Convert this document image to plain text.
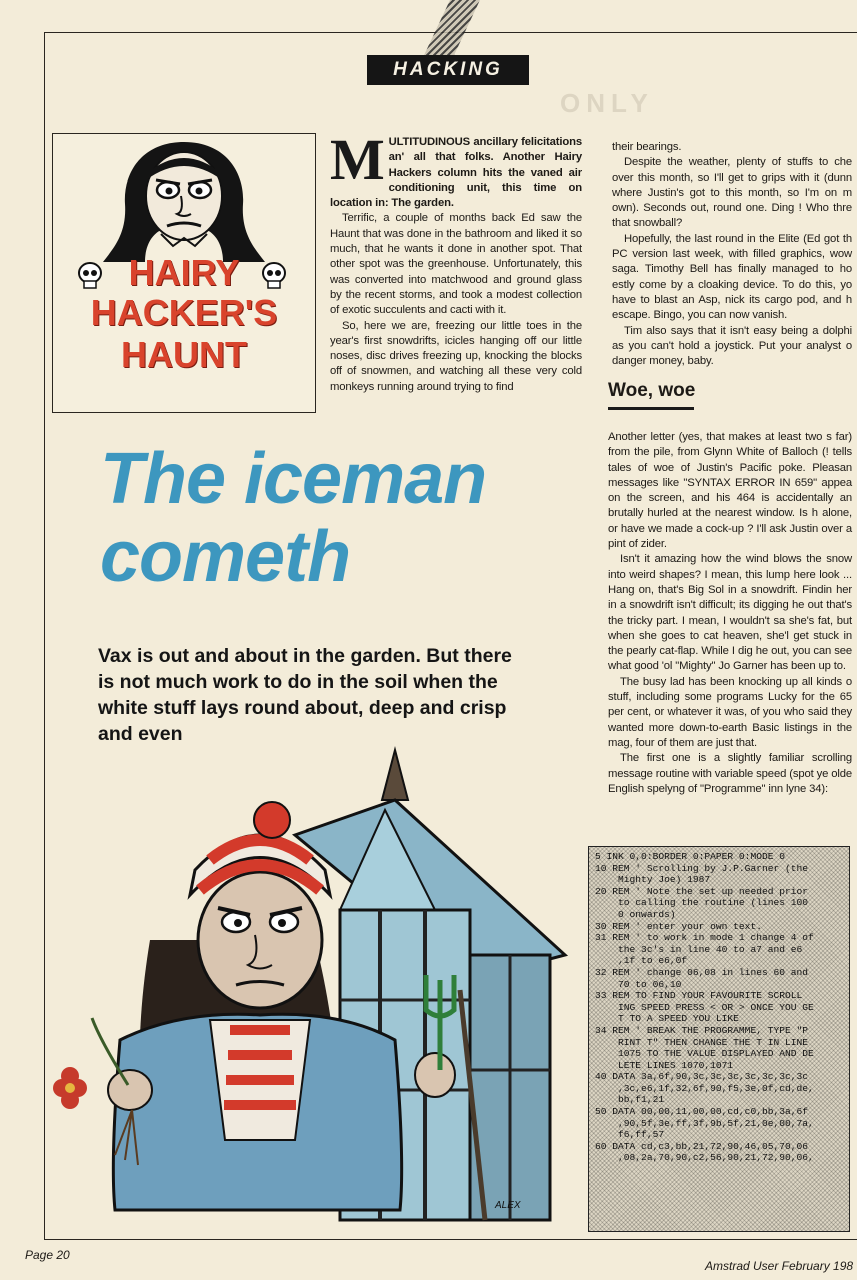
ONLY
HACKING
HAIRY
HACKER'S
HAUNT

MULTITUDINOUS ancillary felicitations an' all that folks. Another Hairy Hackers column hits the vaned air conditioning unit, this time on location in: The garden.

Terrific, a couple of months back Ed saw the Haunt that was done in the bathroom and liked it so much, that he wants it done in another spot. That other spot was the greenhouse. Unfortunately, this was converted into matchwood and ground glass by the recent storms, and took a modest collection of exotic succulents and cacti with it.

So, here we are, freezing our little toes in the year's first snowdrifts, icicles hanging off our little noses, disc drives freezing up, knocking the blocks off of snowmen, and watching all these very cold monkeys running around trying to find

their bearings.

Despite the weather, plenty of stuffs to che over this month, so I'll get to grips with it (dunn where Justin's got to this month, so I'm on m own). Seconds out, round one. Ding ! Who thre that snowball?

Hopefully, the last round in the Elite (Ed got th PC version last week, with filled graphics, wow saga. Timothy Bell has finally managed to ho estly come by a cloaking device. To do this, yo have to blast an Asp, nick its cargo pod, and h escape. Bingo, you can now vanish.

Tim also says that it isn't easy being a dolphi as you can't hold a joystick. Put your analyst o danger money, baby.

Woe, woe

Another letter (yes, that makes at least two s far) from the pile, from Glynn White of Balloch (! tells tales of woe of Justin's Pacific poke. Pleasan messages like "SYNTAX ERROR IN 659" appea on the screen, and his 464 is accidentally an brutally hurled at the nearest window. Is h alone, or have we made a cock-up ? I'll ask Justin over a pint of zider.

Isn't it amazing how the wind blows the snow into weird shapes? I mean, this lump here look ... Hang on, that's Big Sol in a snowdrift. Findin her in a snowdrift isn't difficult; its digging he out that's the tricky part. I mean, I wouldn't sa she's fat, but when she goes to cat heaven, she'l get stuck in the pearly cat-flap. While I dig he out, you can see what good 'ol "Mighty" Jo Garner has been up to.

The busy lad has been knocking up all kinds o stuff, including some programs Lucky for the 65 per cent, or whatever it was, of you who said they wanted more down-to-earth Basic listings in the mag, four of them are just that.

The first one is a slightly familiar scrolling message routine with variable speed (spot ye olde English spelyng of "Programme" inn lyne 34):

The iceman
cometh
Vax is out and about in the garden. But there is not much work to do in the soil when the white stuff lays round about, deep and crisp and even
ALEX
5 INK 0,0:BORDER 0:PAPER 0:MODE 0
10 REM ' Scrolling by J.P.Garner (the
Mighty Joe) 1987
20 REM ' Note the set up needed prior
to calling the routine (lines 100
0 onwards)
30 REM ' enter your own text.
31 REM ' to work in mode 1 change 4 of
the 3c's in line 40 to a7 and e6
,1f to e6,0f
32 REM ' change 06,08 in lines 60 and
70 to 06,10
33 REM TO FIND YOUR FAVOURITE SCROLL
ING SPEED PRESS < OR > ONCE YOU GE
T TO A SPEED YOU LIKE
34 REM ' BREAK THE PROGRAMME, TYPE "P
RINT T" THEN CHANGE THE T IN LINE
1075 TO THE VALUE DISPLAYED AND DE
LETE LINES 1070,1071
40 DATA 3a,6f,90,3c,3c,3c,3c,3c,3c,3c
,3c,e6,1f,32,6f,90,f5,3e,0f,cd,de,
bb,f1,21
50 DATA 00,00,11,00,00,cd,c0,bb,3a,6f
,90,5f,3e,ff,3f,9b,5f,21,0e,00,7a,
f6,ff,57
60 DATA cd,c3,bb,21,72,90,46,05,70,06
,08,2a,70,90,c2,56,90,21,72,90,06,
Page 20
Amstrad User February 198
